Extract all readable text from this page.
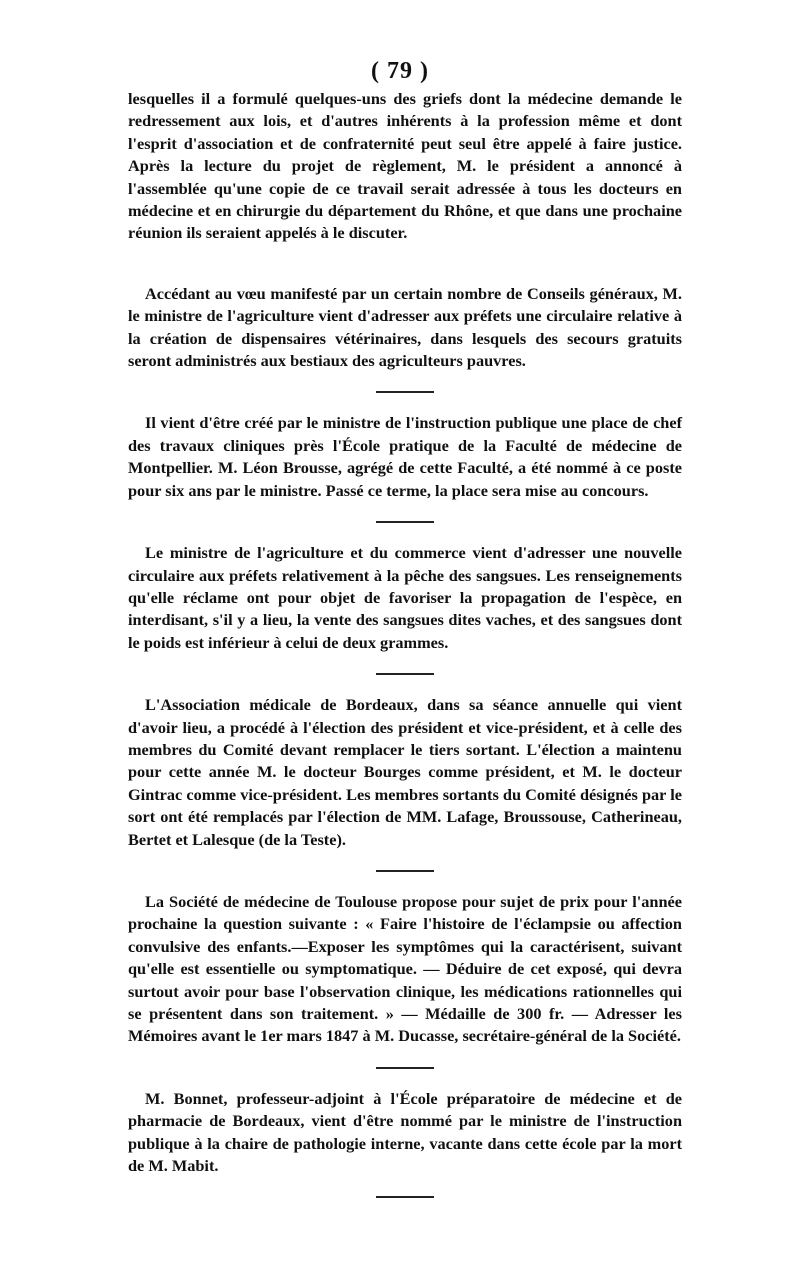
( 79 )

lesquelles il a formulé quelques-uns des griefs dont la médecine demande le redressement aux lois, et d'autres inhérents à la profession même et dont l'esprit d'association et de confraternité peut seul être appelé à faire justice. Après la lecture du projet de règlement, M. le président a annoncé à l'assemblée qu'une copie de ce travail serait adressée à tous les docteurs en médecine et en chirurgie du département du Rhône, et que dans une prochaine réunion ils seraient appelés à le discuter.

Accédant au vœu manifesté par un certain nombre de Conseils généraux, M. le ministre de l'agriculture vient d'adresser aux préfets une circulaire relative à la création de dispensaires vétérinaires, dans lesquels des secours gratuits seront administrés aux bestiaux des agriculteurs pauvres.

Il vient d'être créé par le ministre de l'instruction publique une place de chef des travaux cliniques près l'École pratique de la Faculté de médecine de Montpellier. M. Léon Brousse, agrégé de cette Faculté, a été nommé à ce poste pour six ans par le ministre. Passé ce terme, la place sera mise au concours.

Le ministre de l'agriculture et du commerce vient d'adresser une nouvelle circulaire aux préfets relativement à la pêche des sangsues. Les renseignements qu'elle réclame ont pour objet de favoriser la propagation de l'espèce, en interdisant, s'il y a lieu, la vente des sangsues dites vaches, et des sangsues dont le poids est inférieur à celui de deux grammes.

L'Association médicale de Bordeaux, dans sa séance annuelle qui vient d'avoir lieu, a procédé à l'élection des président et vice-président, et à celle des membres du Comité devant remplacer le tiers sortant. L'élection a maintenu pour cette année M. le docteur Bourges comme président, et M. le docteur Gintrac comme vice-président. Les membres sortants du Comité désignés par le sort ont été remplacés par l'élection de MM. Lafage, Broussouse, Catherineau, Bertet et Lalesque (de la Teste).

La Société de médecine de Toulouse propose pour sujet de prix pour l'année prochaine la question suivante : « Faire l'histoire de l'éclampsie ou affection convulsive des enfants.—Exposer les symptômes qui la caractérisent, suivant qu'elle est essentielle ou symptomatique. — Déduire de cet exposé, qui devra surtout avoir pour base l'observation clinique, les médications rationnelles qui se présentent dans son traitement. » — Médaille de 300 fr. — Adresser les Mémoires avant le 1er mars 1847 à M. Ducasse, secrétaire-général de la Société.

M. Bonnet, professeur-adjoint à l'École préparatoire de médecine et de pharmacie de Bordeaux, vient d'être nommé par le ministre de l'instruction publique à la chaire de pathologie interne, vacante dans cette école par la mort de M. Mabit.
